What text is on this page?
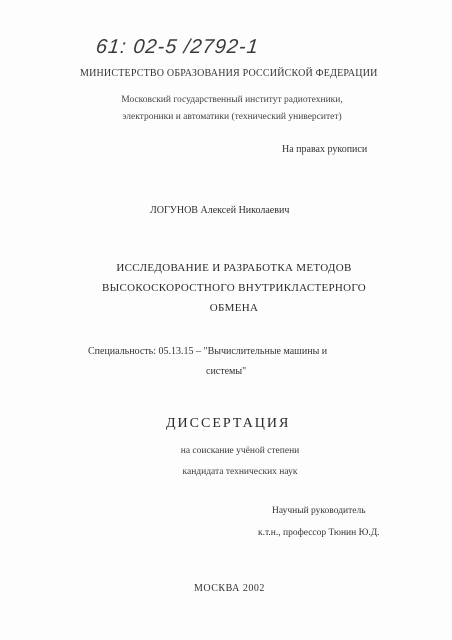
61: 02-5 /2792-1
МИНИСТЕРСТВО ОБРАЗОВАНИЯ РОССИЙСКОЙ ФЕДЕРАЦИИ
Московский государственный институт радиотехники,
электроники и автоматики (технический университет)
На правах рукописи
ЛОГУНОВ Алексей Николаевич
ИССЛЕДОВАНИЕ И РАЗРАБОТКА МЕТОДОВ
ВЫСОКОСКОРОСТНОГО ВНУТРИКЛАСТЕРНОГО
ОБМЕНА
Специальность: 05.13.15 – "Вычислительные машины и
системы"
ДИССЕРТАЦИЯ
на соискание учёной степени
кандидата технических наук
Научный руководитель
к.т.н., профессор Тюнин Ю.Д.
МОСКВА 2002
